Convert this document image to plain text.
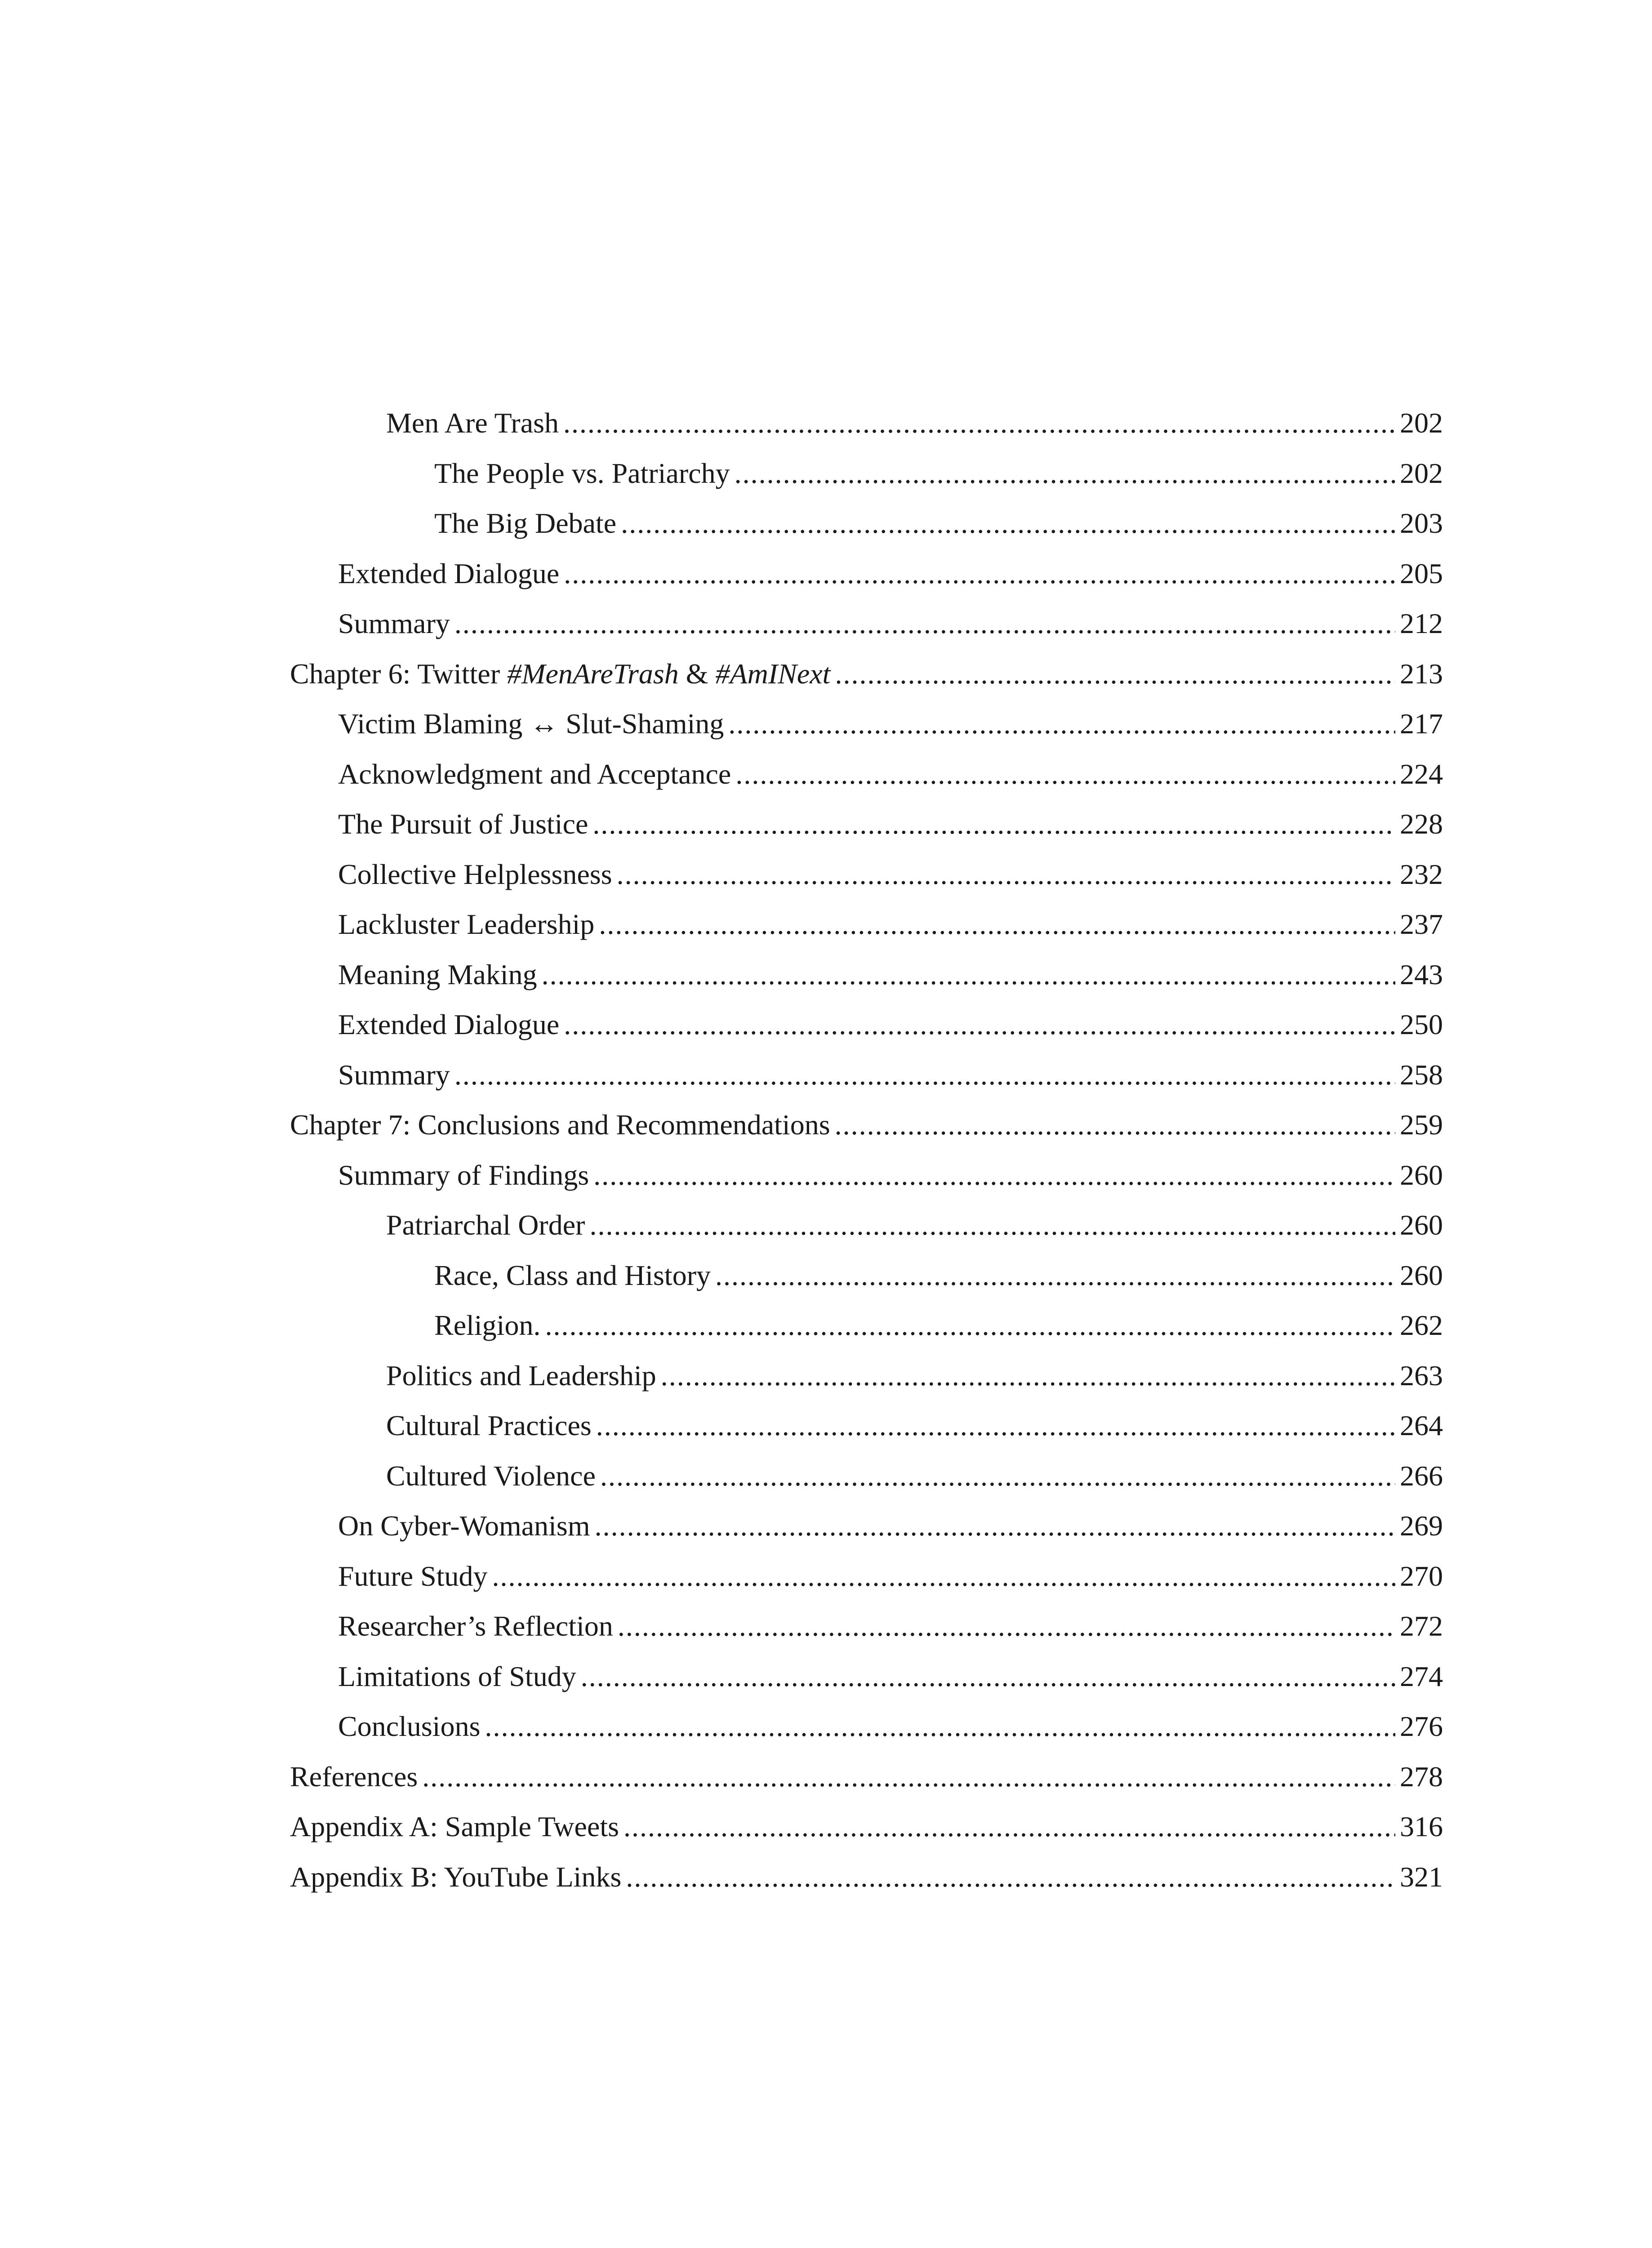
Men Are Trash .....	202
The People vs. Patriarchy .....	202
The Big Debate .....	203
Extended Dialogue .....	205
Summary .....	212
Chapter 6: Twitter #MenAreTrash & #AmINext .....	213
Victim Blaming ↔ Slut-Shaming .....	217
Acknowledgment and Acceptance .....	224
The Pursuit of Justice .....	228
Collective Helplessness .....	232
Lackluster Leadership .....	237
Meaning Making .....	243
Extended Dialogue .....	250
Summary .....	258
Chapter 7: Conclusions and Recommendations .....	259
Summary of Findings .....	260
Patriarchal Order .....	260
Race, Class and History .....	260
Religion. .....	262
Politics and Leadership .....	263
Cultural Practices .....	264
Cultured Violence .....	266
On Cyber-Womanism .....	269
Future Study .....	270
Researcher’s Reflection .....	272
Limitations of Study .....	274
Conclusions .....	276
References .....	278
Appendix A: Sample Tweets .....	316
Appendix B: YouTube Links .....	321
